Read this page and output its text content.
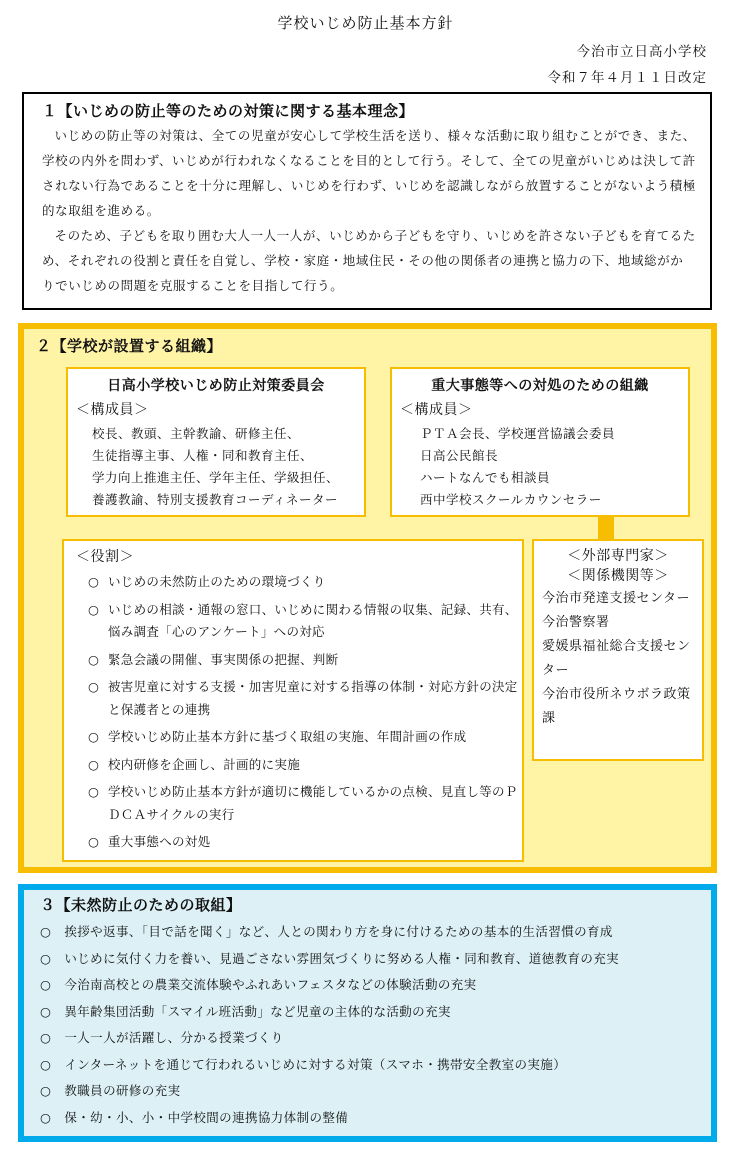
学校いじめ防止基本方針
今治市立日高小学校
令和７年４月１１日改定
１【いじめの防止等のための対策に関する基本理念】

いじめの防止等の対策は、全ての児童が安心して学校生活を送り、様々な活動に取り組むことができ、また、学校の内外を問わず、いじめが行われなくなることを目的として行う。そして、全ての児童がいじめは決して許されない行為であることを十分に理解し、いじめを行わず、いじめを認識しながら放置することがないよう積極的な取組を進める。

そのため、子どもを取り囲む大人一人一人が、いじめから子どもを守り、いじめを許さない子どもを育てるため、それぞれの役割と責任を自覚し、学校・家庭・地域住民・その他の関係者の連携と協力の下、地域総がかりでいじめの問題を克服することを目指して行う。

２【学校が設置する組織】
日高小学校いじめ防止対策委員会
＜構成員＞
校長、教頭、主幹教諭、研修主任、
生徒指導主事、人権・同和教育主任、
学力向上推進主任、学年主任、学級担任、
養護教諭、特別支援教育コーディネーター
重大事態等への対処のための組織
＜構成員＞
ＰＴＡ会長、学校運営協議会委員
日高公民館長
ハートなんでも相談員
西中学校スクールカウンセラー
＜役割＞
○ いじめの未然防止のための環境づくり
○ いじめの相談・通報の窓口、いじめに関わる情報の収集、記録、共有、悩み調査「心のアンケート」への対応
○ 緊急会議の開催、事実関係の把握、判断
○ 被害児童に対する支援・加害児童に対する指導の体制・対応方針の決定と保護者との連携
○ 学校いじめ防止基本方針に基づく取組の実施、年間計画の作成
○ 校内研修を企画し、計画的に実施
○ 学校いじめ防止基本方針が適切に機能しているかの点検、見直し等のＰＤＣＡサイクルの実行
○ 重大事態への対処
＜外部専門家＞
＜関係機関等＞
今治市発達支援センター
今治警察署
愛媛県福祉総合支援センター
今治市役所ネウボラ政策課
３【未然防止のための取組】
○ 挨拶や返事、「目で話を聞く」など、人との関わり方を身に付けるための基本的生活習慣の育成
○ いじめに気付く力を養い、見過ごさない雰囲気づくりに努める人権・同和教育、道徳教育の充実
○ 今治南高校との農業交流体験やふれあいフェスタなどの体験活動の充実
○ 異年齢集団活動「スマイル班活動」など児童の主体的な活動の充実
○ 一人一人が活躍し、分かる授業づくり
○ インターネットを通じて行われるいじめに対する対策（スマホ・携帯安全教室の実施）
○ 教職員の研修の充実
○ 保・幼・小、小・中学校間の連携協力体制の整備
